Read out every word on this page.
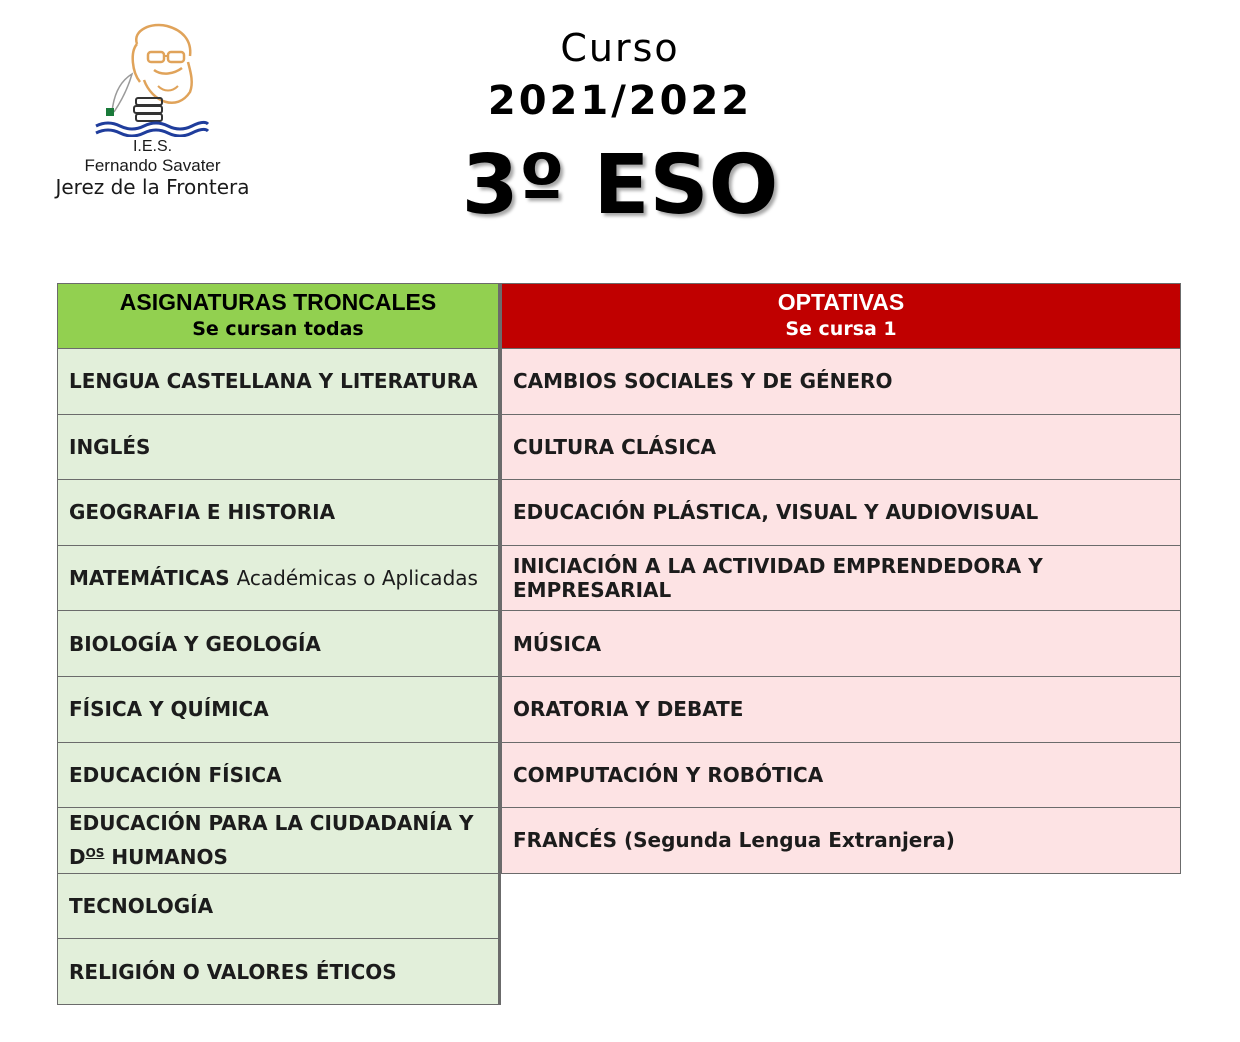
I.E.S.
Fernando Savater
Jerez de la Frontera
Curso
2021/2022
3º ESO
ASIGNATURAS TRONCALES
Se cursan todas
LENGUA CASTELLANA Y LITERATURA
INGLÉS
GEOGRAFIA E HISTORIA
MATEMÁTICAS
Académicas o Aplicadas
BIOLOGÍA Y GEOLOGÍA
FÍSICA Y QUÍMICA
EDUCACIÓN FÍSICA
EDUCACIÓN PARA LA CIUDADANÍA Y
$D^{OS}$ HUMANOS
TECNOLOGÍA
RELIGIÓN O VALORES ÉTICOS
OPTATIVAS
Se cursa 1
CAMBIOS SOCIALES Y DE GÉNERO
CULTURA CLÁSICA
EDUCACIÓN PLÁSTICA, VISUAL Y AUDIOVISUAL
INICIACIÓN A LA ACTIVIDAD EMPRENDEDORA Y EMPRESARIAL
MÚSICA
ORATORIA Y DEBATE
COMPUTACIÓN Y ROBÓTICA
FRANCÉS (Segunda Lengua Extranjera)
